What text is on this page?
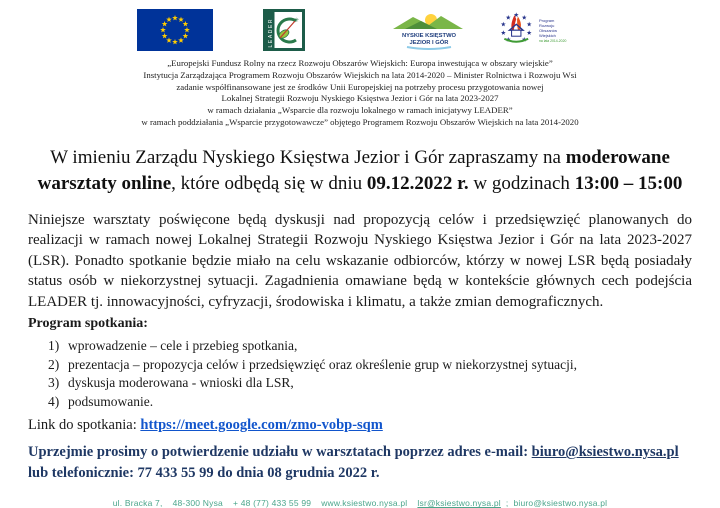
LEADER	✳
NYSKIE KSIĘSTWO
JEZIOR I GÓR
Program
Rozwoju
Obszarów
Wiejskich
na lata 2014-2020
„Europejski Fundusz Rolny na rzecz Rozwoju Obszarów Wiejskich: Europa inwestująca w obszary wiejskie”
Instytucja Zarządzająca Programem Rozwoju Obszarów Wiejskich na lata 2014-2020 – Minister Rolnictwa i Rozwoju Wsi
zadanie współfinansowane jest ze środków Unii Europejskiej na potrzeby procesu przygotowania nowej
Lokalnej Strategii Rozwoju Nyskiego Księstwa Jezior i Gór na lata 2023-2027
w ramach działania „Wsparcie dla rozwoju lokalnego w ramach inicjatywy LEADER”
w ramach poddziałania „Wsparcie przygotowawcze” objętego Programem Rozwoju Obszarów Wiejskich na lata 2014-2020
W imieniu Zarządu Nyskiego Księstwa Jezior i Gór zapraszamy na moderowane warsztaty online, które odbędą się w dniu 09.12.2022 r. w godzinach 13:00 – 15:00

Niniejsze warsztaty poświęcone będą dyskusji nad propozycją celów i przedsięwzięć planowanych do realizacji w ramach nowej Lokalnej Strategii Rozwoju Nyskiego Księstwa Jezior i Gór na lata 2023-2027 (LSR). Ponadto spotkanie będzie miało na celu wskazanie odbiorców, którzy w nowej LSR będą posiadały status osób w niekorzystnej sytuacji. Zagadnienia omawiane będą w kontekście głównych cech podejścia LEADER tj. innowacyjności, cyfryzacji, środowiska i klimatu, a także zmian demograficznych.

Program spotkania:
wprowadzenie – cele i przebieg spotkania,
prezentacja – propozycja celów i przedsięwzięć oraz określenie grup w niekorzystnej sytuacji,
dyskusja moderowana - wnioski dla LSR,
podsumowanie.
Link do spotkania: https://meet.google.com/zmo-vobp-sqm
Uprzejmie prosimy o potwierdzenie udziału w warsztatach poprzez adres e-mail: biuro@ksiestwo.nysa.pl lub telefonicznie: 77 433 55 99 do dnia 08 grudnia 2022 r.
ul. Bracka 7, 48-300 Nysa + 48 (77) 433 55 99 www.ksiestwo.nysa.pl lsr@ksiestwo.nysa.pl ; biuro@ksiestwo.nysa.pl
